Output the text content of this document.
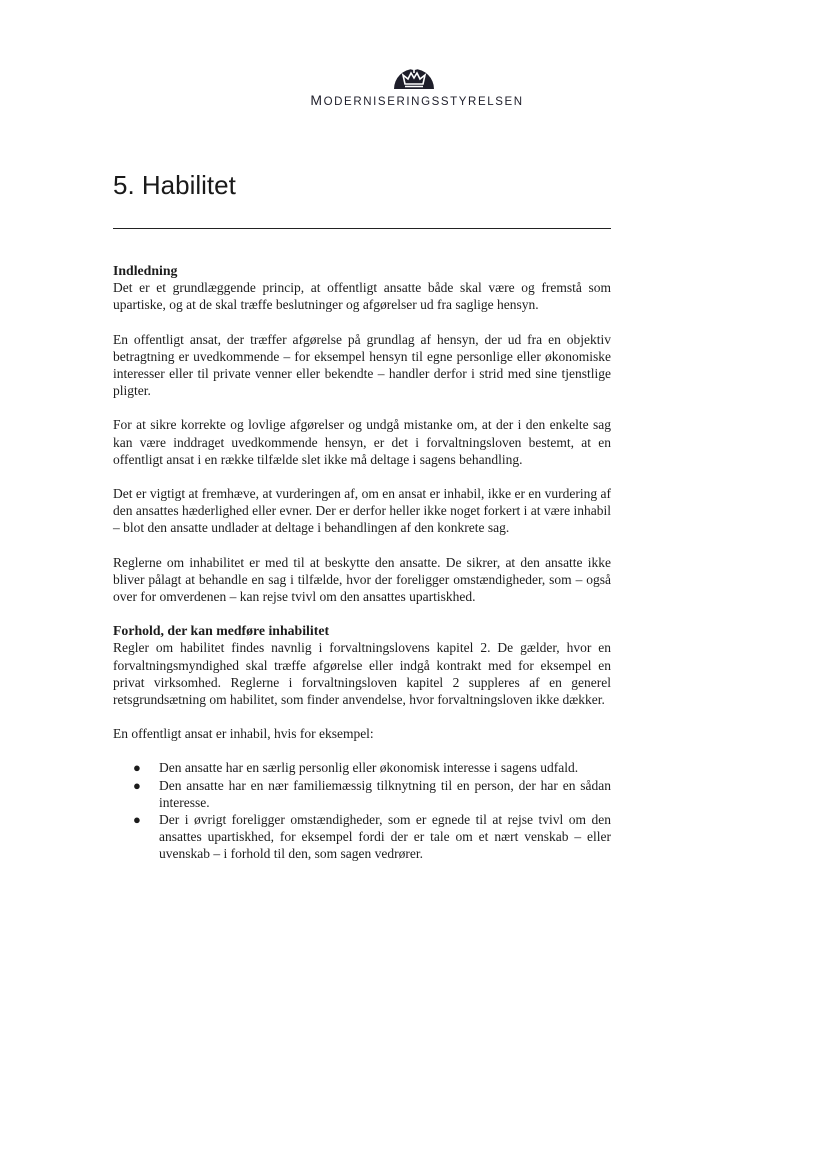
MODERNISERINGSSTYRELSEN
5. Habilitet
Indledning

Det er et grundlæggende princip, at offentligt ansatte både skal være og fremstå som upartiske, og at de skal træffe beslutninger og afgørelser ud fra saglige hensyn.

En offentligt ansat, der træffer afgørelse på grundlag af hensyn, der ud fra en objektiv betragtning er uvedkommende – for eksempel hensyn til egne personlige eller økonomiske interesser eller til private venner eller bekendte – handler derfor i strid med sine tjenstlige pligter.

For at sikre korrekte og lovlige afgørelser og undgå mistanke om, at der i den enkelte sag kan være inddraget uvedkommende hensyn, er det i forvaltningsloven bestemt, at en offentligt ansat i en række tilfælde slet ikke må deltage i sagens behandling.

Det er vigtigt at fremhæve, at vurderingen af, om en ansat er inhabil, ikke er en vurdering af den ansattes hæderlighed eller evner. Der er derfor heller ikke noget forkert i at være inhabil – blot den ansatte undlader at deltage i behandlingen af den konkrete sag.

Reglerne om inhabilitet er med til at beskytte den ansatte. De sikrer, at den ansatte ikke bliver pålagt at behandle en sag i tilfælde, hvor der foreligger omstændigheder, som – også over for omverdenen – kan rejse tvivl om den ansattes upartiskhed.

Forhold, der kan medføre inhabilitet

Regler om habilitet findes navnlig i forvaltningslovens kapitel 2. De gælder, hvor en forvaltningsmyndighed skal træffe afgørelse eller indgå kontrakt med for eksempel en privat virksomhed. Reglerne i forvaltningsloven kapitel 2 suppleres af en generel retsgrundsætning om habilitet, som finder anvendelse, hvor forvaltningsloven ikke dækker.

En offentligt ansat er inhabil, hvis for eksempel:

● Den ansatte har en særlig personlig eller økonomisk interesse i sagens udfald.
● Den ansatte har en nær familiemæssig tilknytning til en person, der har en sådan interesse.
● Der i øvrigt foreligger omstændigheder, som er egnede til at rejse tvivl om den ansattes upartiskhed, for eksempel fordi der er tale om et nært venskab – eller uvenskab – i forhold til den, som sagen vedrører.
